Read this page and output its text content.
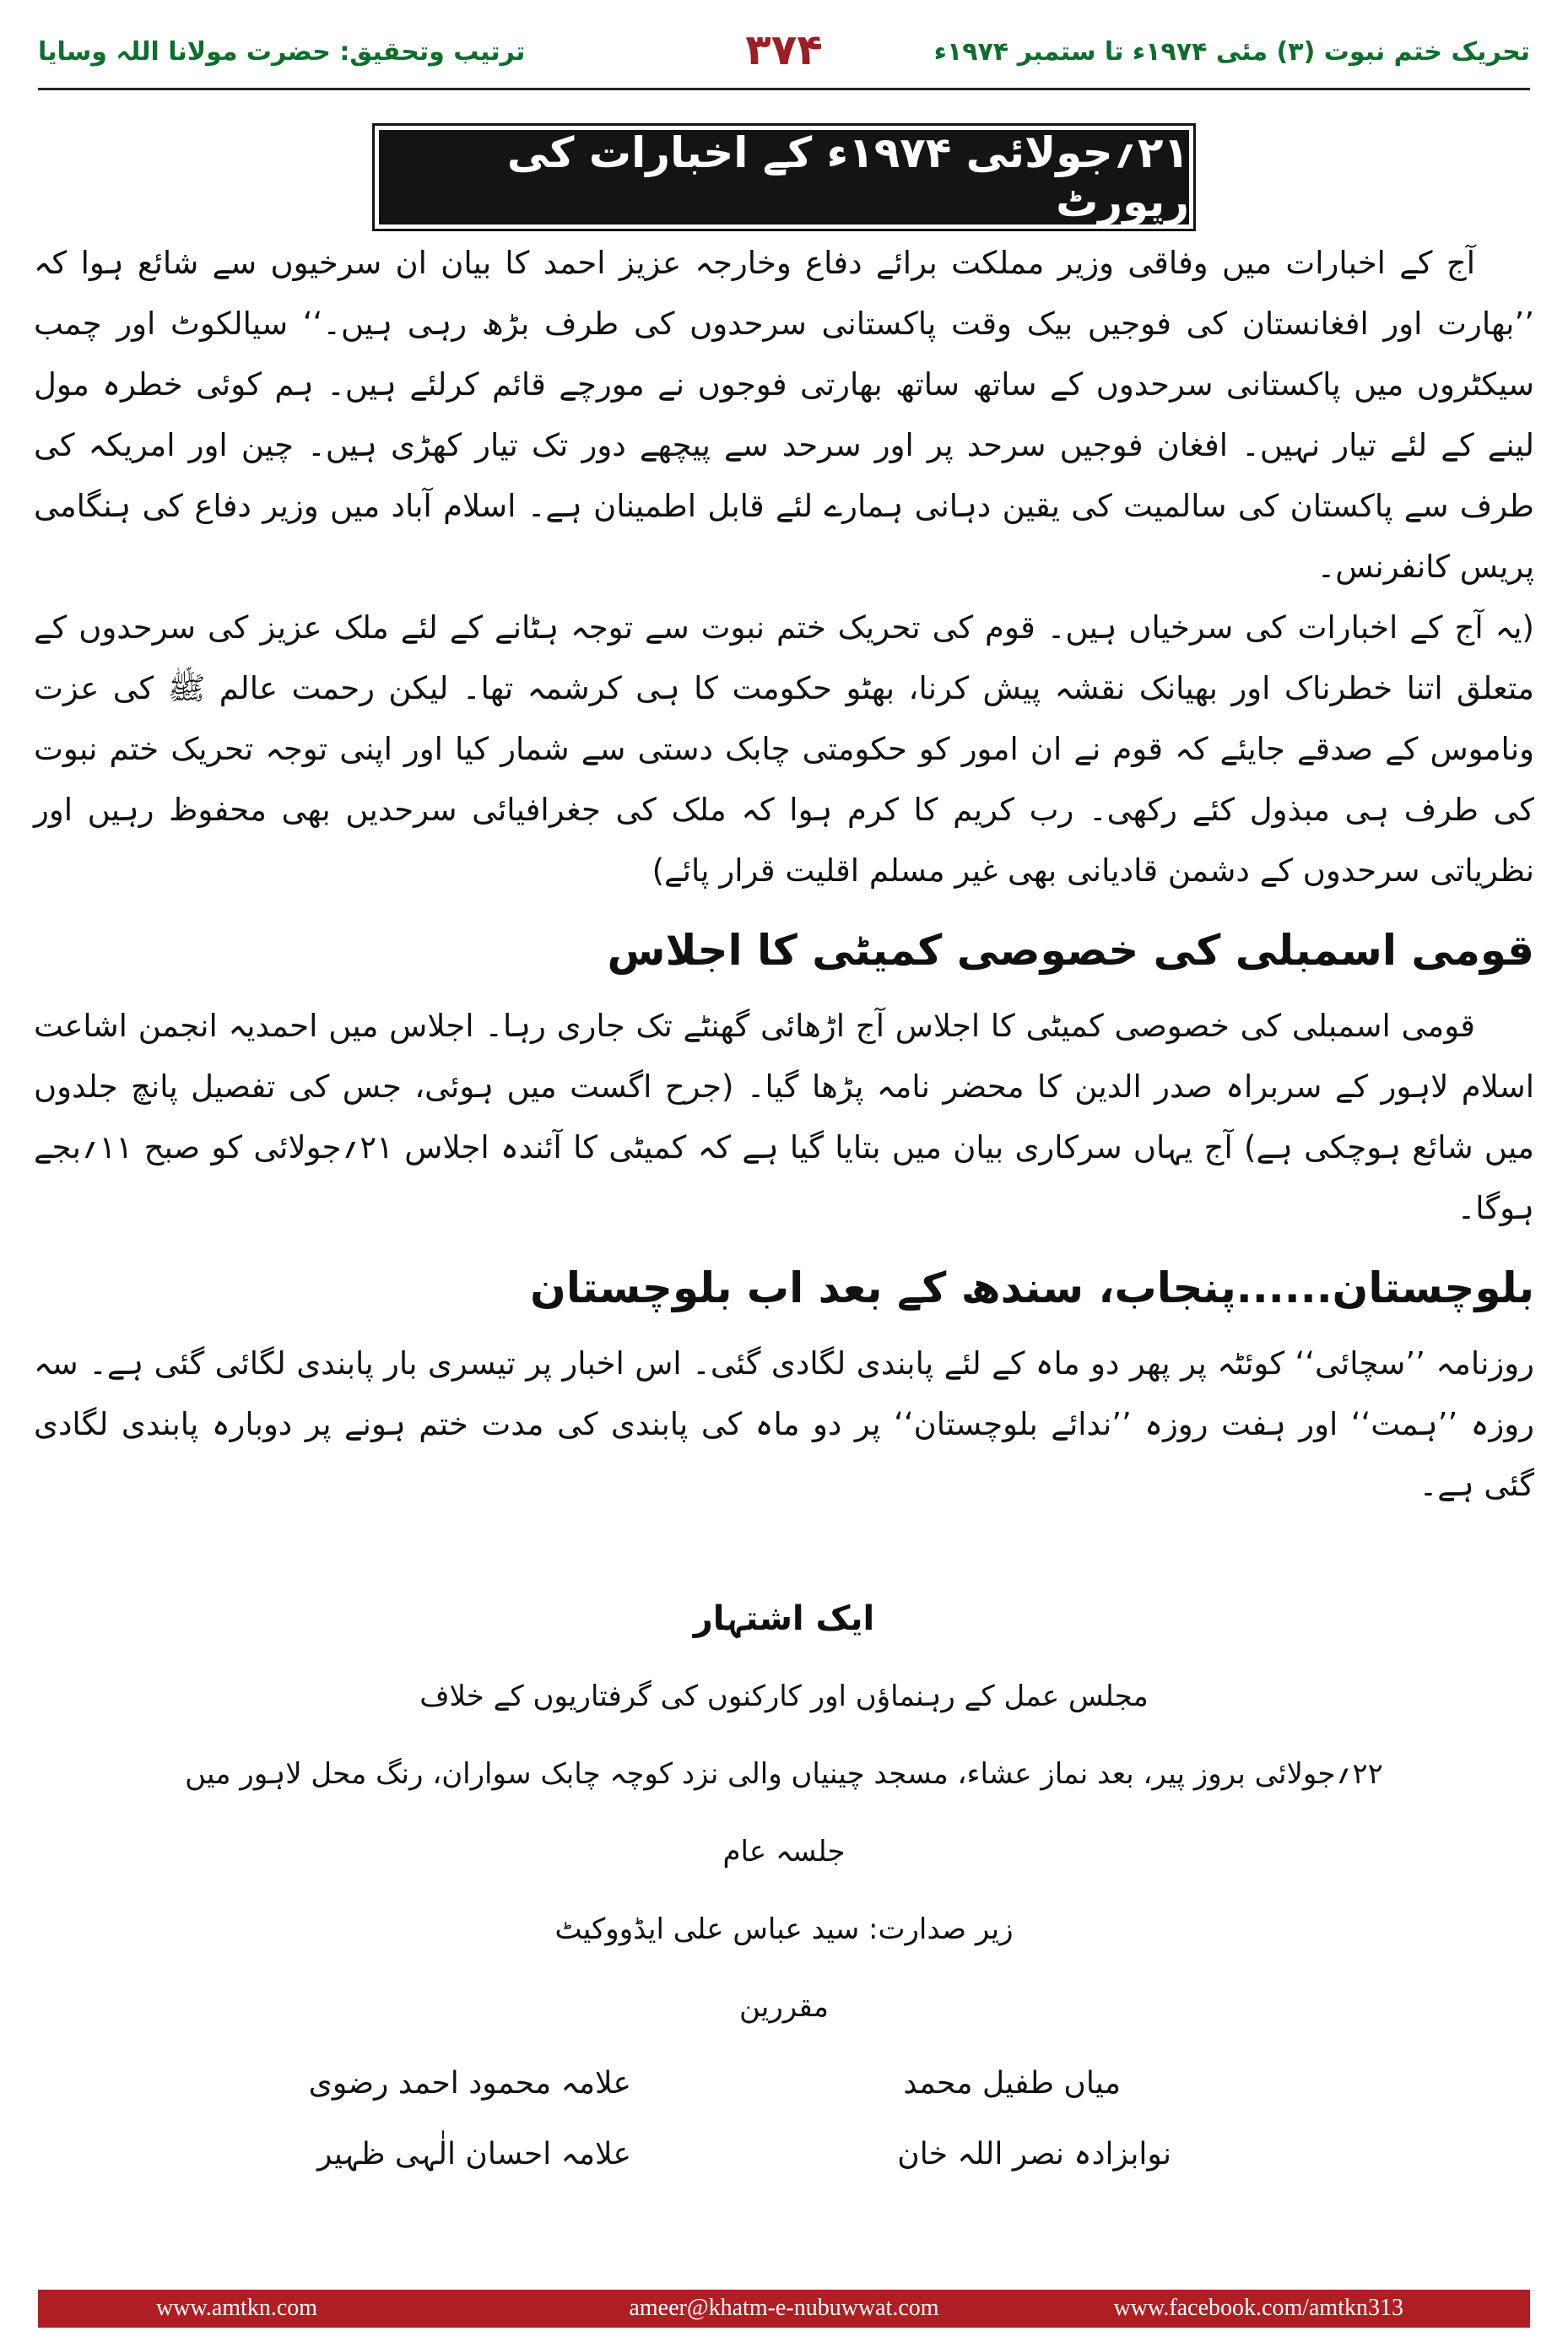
تحریک ختم نبوت (۳) مئی ۱۹۷۴ء تا ستمبر ۱۹۷۴ء
۳۷۴
ترتیب وتحقیق: حضرت مولانا اللہ وسایا
۲۱؍جولائی ۱۹۷۴ء کے اخبارات کی رپورٹ

آج کے اخبارات میں وفاقی وزیر مملکت برائے دفاع وخارجہ عزیز احمد کا بیان ان سرخیوں سے شائع ہوا کہ ’’بھارت اور افغانستان کی فوجیں بیک وقت پاکستانی سرحدوں کی طرف بڑھ رہی ہیں۔‘‘ سیالکوٹ اور چمب سیکٹروں میں پاکستانی سرحدوں کے ساتھ ساتھ بھارتی فوجوں نے مورچے قائم کرلئے ہیں۔ ہم کوئی خطرہ مول لینے کے لئے تیار نہیں۔ افغان فوجیں سرحد پر اور سرحد سے پیچھے دور تک تیار کھڑی ہیں۔ چین اور امریکہ کی طرف سے پاکستان کی سالمیت کی یقین دہانی ہمارے لئے قابل اطمینان ہے۔ اسلام آباد میں وزیر دفاع کی ہنگامی پریس کانفرنس۔

(یہ آج کے اخبارات کی سرخیاں ہیں۔ قوم کی تحریک ختم نبوت سے توجہ ہٹانے کے لئے ملک عزیز کی سرحدوں کے متعلق اتنا خطرناک اور بھیانک نقشہ پیش کرنا، بھٹو حکومت کا ہی کرشمہ تھا۔ لیکن رحمت عالم ﷺ کی عزت وناموس کے صدقے جایئے کہ قوم نے ان امور کو حکومتی چابک دستی سے شمار کیا اور اپنی توجہ تحریک ختم نبوت کی طرف ہی مبذول کئے رکھی۔ رب کریم کا کرم ہوا کہ ملک کی جغرافیائی سرحدیں بھی محفوظ رہیں اور نظریاتی سرحدوں کے دشمن قادیانی بھی غیر مسلم اقلیت قرار پائے)

قومی اسمبلی کی خصوصی کمیٹی کا اجلاس

قومی اسمبلی کی خصوصی کمیٹی کا اجلاس آج اڑھائی گھنٹے تک جاری رہا۔ اجلاس میں احمدیہ انجمن اشاعت اسلام لاہور کے سربراہ صدر الدین کا محضر نامہ پڑھا گیا۔ (جرح اگست میں ہوئی، جس کی تفصیل پانچ جلدوں میں شائع ہوچکی ہے) آج یہاں سرکاری بیان میں بتایا گیا ہے کہ کمیٹی کا آئندہ اجلاس ۲۱؍جولائی کو صبح ۱۱؍بجے ہوگا۔

بلوچستان......پنجاب، سندھ کے بعد اب بلوچستان

روزنامہ ’’سچائی‘‘ کوئٹہ پر پھر دو ماہ کے لئے پابندی لگادی گئی۔ اس اخبار پر تیسری بار پابندی لگائی گئی ہے۔ سہ روزہ ’’ہمت‘‘ اور ہفت روزہ ’’ندائے بلوچستان‘‘ پر دو ماہ کی پابندی کی مدت ختم ہونے پر دوبارہ پابندی لگادی گئی ہے۔

ایک اشتہار
مجلس عمل کے رہنماؤں اور کارکنوں کی گرفتاریوں کے خلاف
۲۲؍جولائی بروز پیر، بعد نماز عشاء، مسجد چینیاں والی نزد کوچہ چابک سواران، رنگ محل لاہور میں
جلسہ عام
زیر صدارت: سید عباس علی ایڈووکیٹ
مقررین
میاں طفیل محمد
علامہ محمود احمد رضوی
نوابزادہ نصر اللہ خان
علامہ احسان الٰہی ظہیر
www.amtkn.com	ameer@khatm-e-nubuwwat.com	www.facebook.com/amtkn313
